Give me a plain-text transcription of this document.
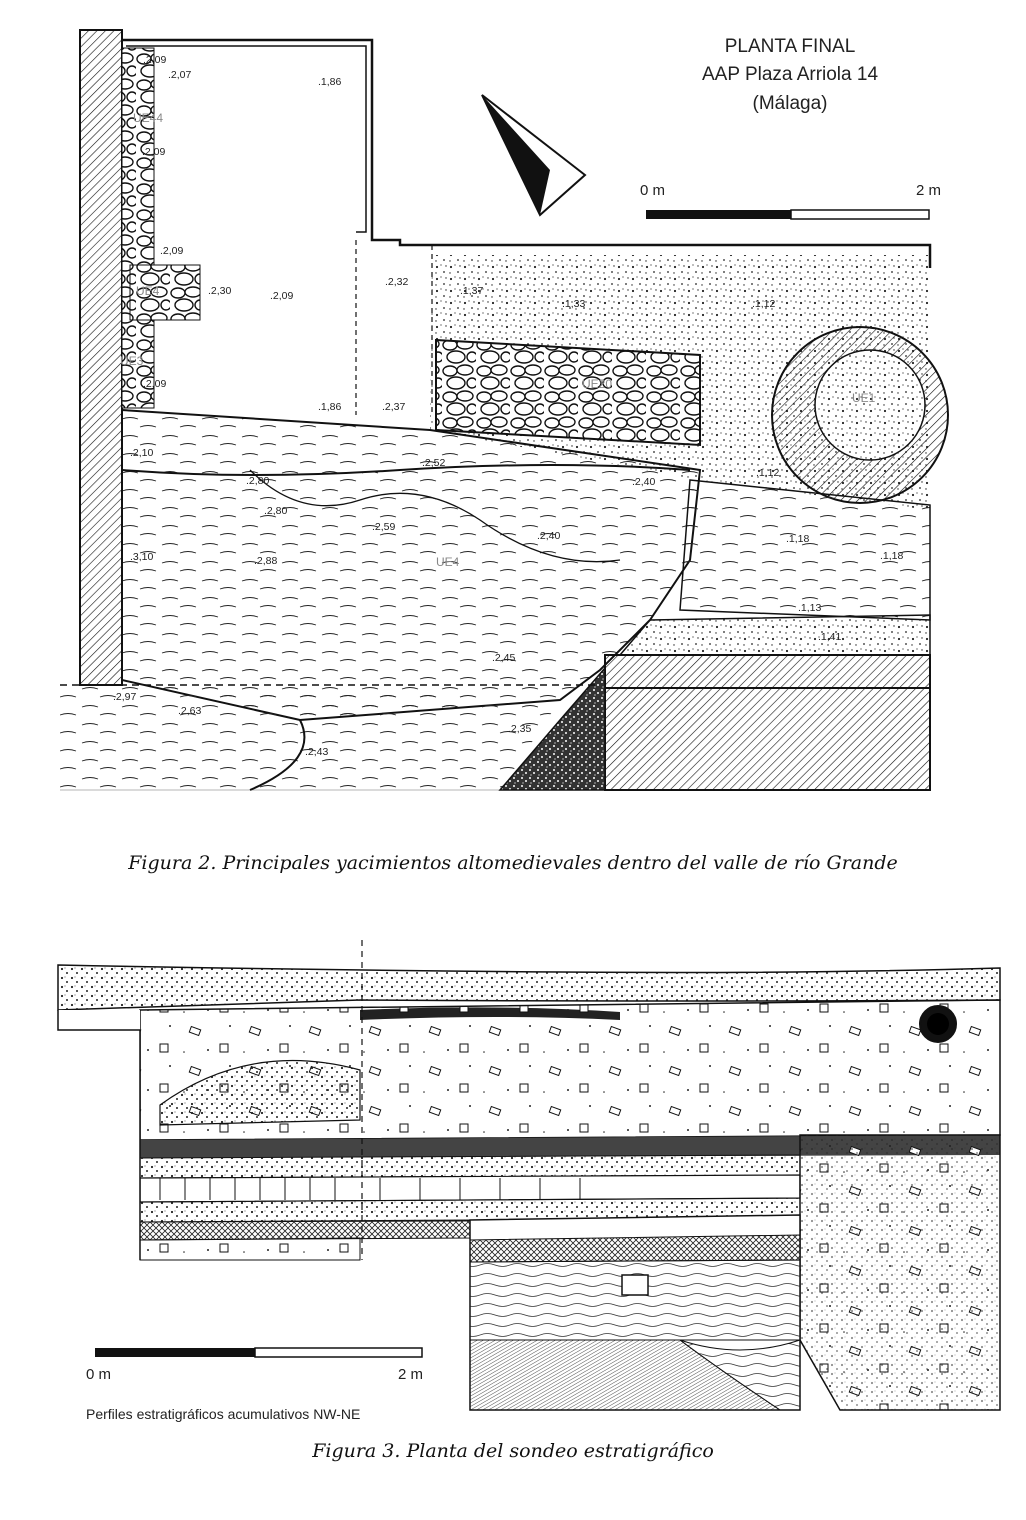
.2,09
.2,07
.1,86
.2,09
.2,09
.2,30	.2,09
.2,32
.1,37
.1,33	.1,12
.2,09
.1,86	.2,37
.2,10
.2,52
.2,40
.2,80
.2,80
.2,59
.2,40
.1,12
.1,18
.3,10	.2,88	.1,18
.1,13
.1,41
.2,45
.2,97
.2,63
.2,35
.2,43
UE44
UE4
UE3
UE20
UE1
UE4
PLANTA FINAL
AAP Plaza Arriola 14
(Málaga)
0 m	2 m
Figura 2. Principales yacimientos altomedievales dentro del valle de río Grande
0 m	2 m
Perfiles estratigráficos acumulativos NW-NE
Figura 3. Planta del sondeo estratigráfico
